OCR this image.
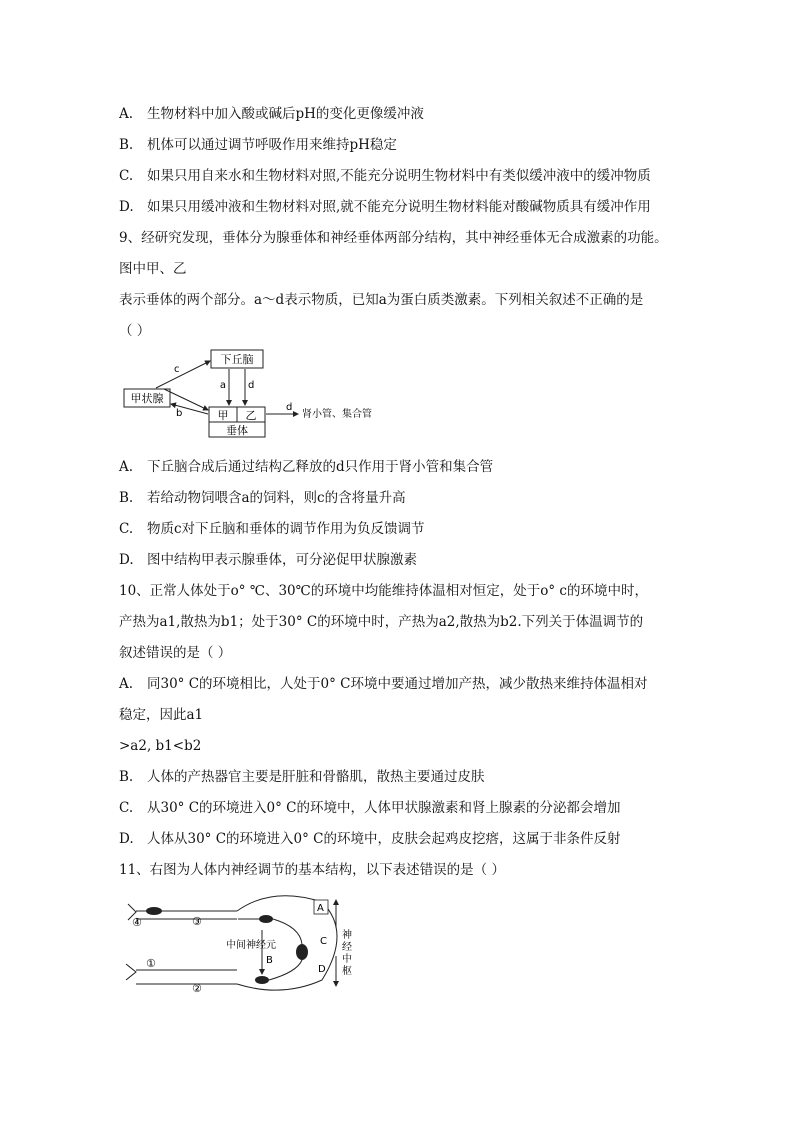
A. 生物材料中加入酸或碱后pH的变化更像缓冲液
B. 机体可以通过调节呼吸作用来维持pH稳定
C. 如果只用自来水和生物材料对照,不能充分说明生物材料中有类似缓冲液中的缓冲物质
D. 如果只用缓冲液和生物材料对照,就不能充分说明生物材料能对酸碱物质具有缓冲作用
9、经研究发现，垂体分为腺垂体和神经垂体两部分结构，其中神经垂体无合成激素的功能。
图中甲、乙
表示垂体的两个部分。a～d表示物质，已知a为蛋白质类激素。下列相关叙述不正确的是
（ ）
下丘脑
甲状腺
甲 乙
垂体
a d
c
b
d
肾小管、集合管
A. 下丘脑合成后通过结构乙释放的d只作用于肾小管和集合管
B. 若给动物饲喂含a的饲料，则c的含将量升高
C. 物质c对下丘脑和垂体的调节作用为负反馈调节
D. 图中结构甲表示腺垂体，可分泌促甲状腺激素
10、正常人体处于o° ℃、30℃的环境中均能维持体温相对恒定，处于o° c的环境中时，
产热为a1,散热为b1；处于30° C的环境中时，产热为a2,散热为b2.下列关于体温调节的
叙述错误的是（ ）
A. 同30° C的环境相比，人处于0° C环境中要通过增加产热，减少散热来维持体温相对
稳定，因此a1
>a2, b1<b2
B. 人体的产热器官主要是肝脏和骨骼肌，散热主要通过皮肤
C. 从30° C的环境进入0° C的环境中，人体甲状腺激素和肾上腺素的分泌都会增加
D. 人体从30° C的环境进入0° C的环境中，皮肤会起鸡皮挖瘩，这属于非条件反射
11、右图为人体内神经调节的基本结构，以下表述错误的是（ ）
④	③
①
②
中间神经元
B
A
C
D
神
经
中
枢
